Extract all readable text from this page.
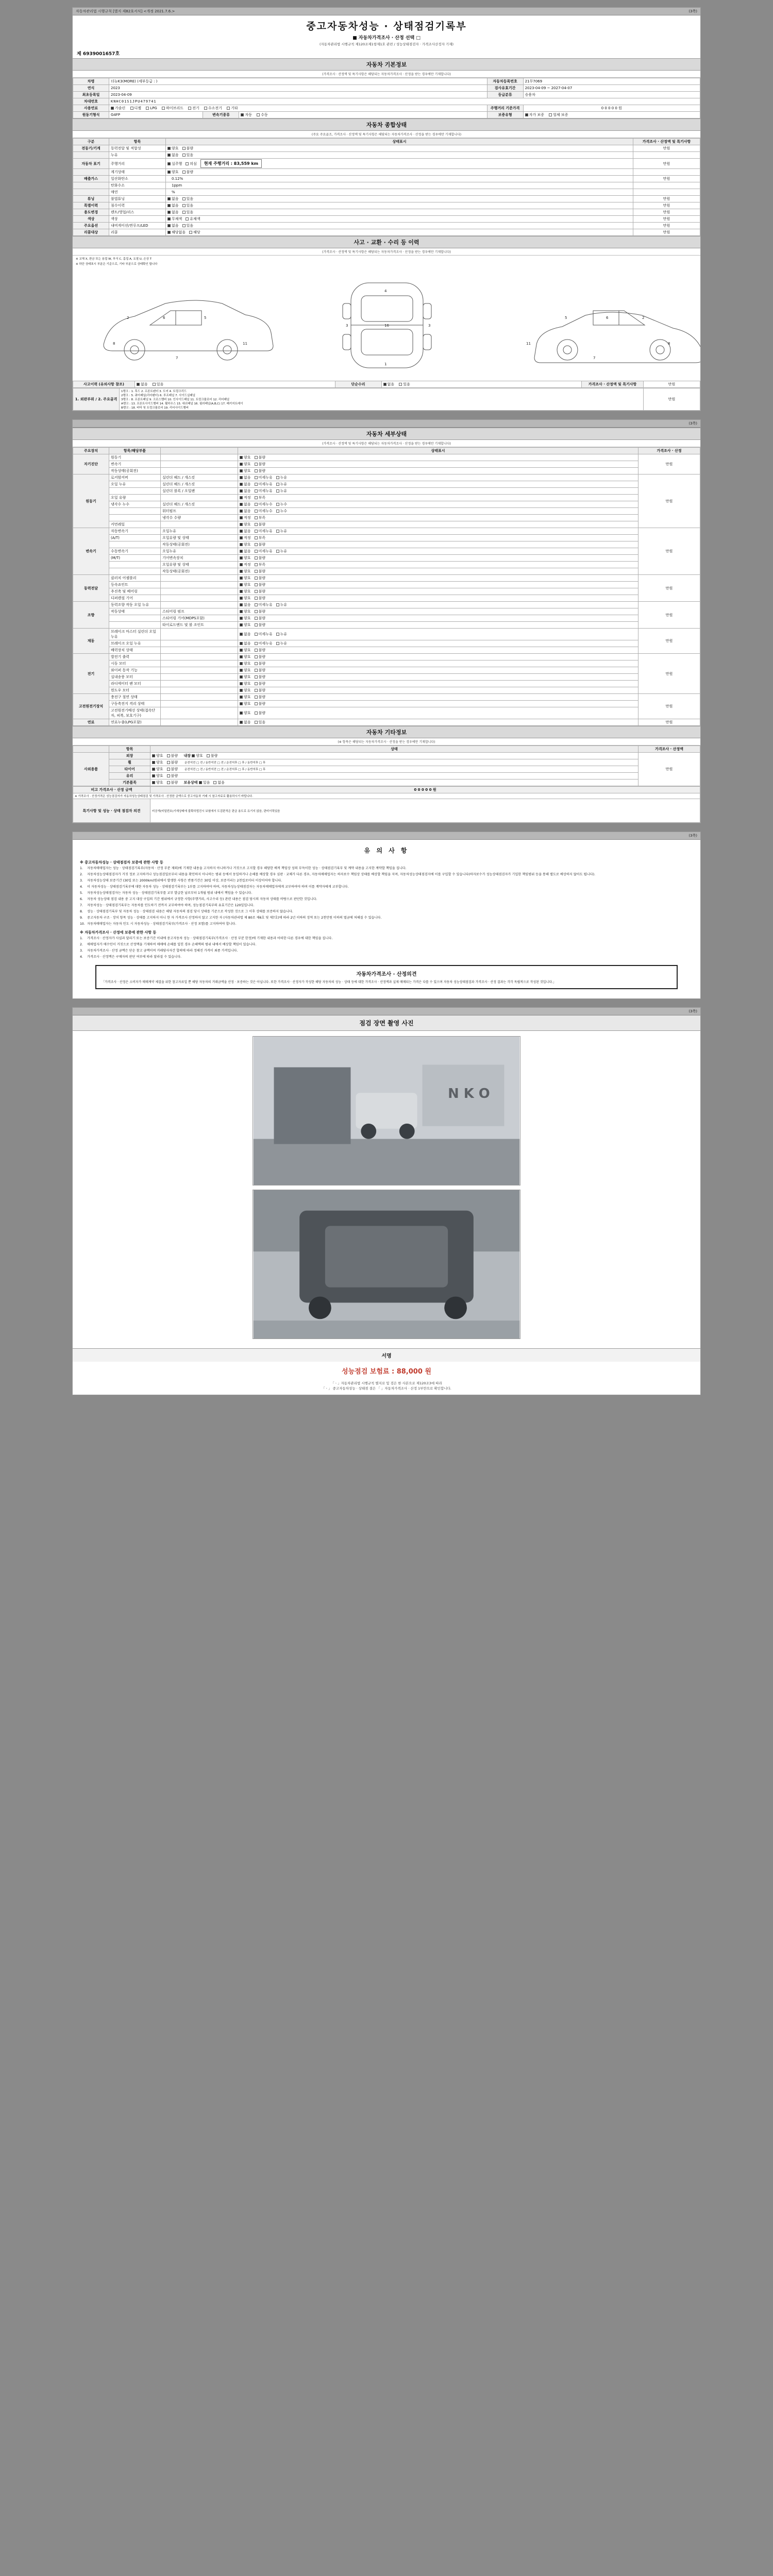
자동차관리법 시행규칙 [별지 제82호서식] <개정 2021.7.6.>	(3쪽)
중고자동차성능 · 상태점검기록부
■ 자동차가격조사 · 산정 선택 □
(자동차관리법 시행규칙 제120조제1항제1호 관련 / 성능상태점검자 · 가격조사산정자 기재)
제 6939001657호
자동차 기본정보
(가격조사 · 산정액 및 특기사항은 해당되는 자동차가격조사 · 산정을 받는 경우에만 기재합니다)
차명	더뉴K3(MORE) (세부등급 : )			자동차등록번호	21무7069
연식	2023			검사유효기간	2023-04-09 ~ 2027-04-07
최초등록일	2023-04-09			등급분류	승용차
차대번호	KNHC01S1JPU479741				
사용연료	가솔린 디젤 LPG 하이브리드 전기 수소전기 기타			주행거리 기준가격	0 0 0 0 0 원
원동기형식	G4FP	변속기종류	자동 수동	보증유형	자가 보증 업체 보증
자동차 종합상태
(주요 주요골조, 가격조사 · 산정액 및 특기사항은 해당되는 자동차가격조사 · 산정을 받는 경우에만 기재합니다)
구분	항목	상태표시	가격조사 · 산정액 및 특기사항
전동기/기계	동력전달 및 적합성	양호 불량	만원
	누유	없음 있음	
자동차 표기	주행거리	실주행 의심 현재 주행거리 : 83,559 km	만원
	계기상태	양호 불량	
배출가스	일산화탄소	0.12%	만원
	탄화수소	1ppm	
	매연	%	
튜닝	불법튜닝	없음 있음	만원
특별이력	침수이력	없음 있음	만원
용도변경	렌트/영업/리스	없음 있음	만원
색상	색상	무채색 유채색	만원
주요옵션	내비게이션/썬루프/LED	없음 있음	만원
리콜대상	리콜	해당없음 해당	만원
사고 · 교환 · 수리 등 이력
(가격조사 · 산정액 및 특기사항은 해당되는 자동차가격조사 · 산정을 받는 경우에만 기재합니다)
※ 교체 X, 판금 또는 용접 W, 부식 C, 흠집 A, 요철 U, 손상 T
※ 하단 상태표시 부분은 기준으로, 기타 부분으로 상태확인 합니다
2	6	5
8
7
11
4
1
16
3	3
2
6
5
8
7
11
사고이력 (유의사항 참조)	없음 있음	단순수리	없음 있음	가격조사 · 산정액 및 특기사항	만원
1. 외판부위 / 2. 주요골격	
1랭크 : 1. 후드 2. 프론트팬더 3. 도어 4. 트렁크리드
2랭크 : 5. 쿼터패널(리어팬더) 6. 루프패널 7. 사이드실패널
3랭크 : 8. 프론트패널 9. 크로스멤버 10. 인사이드패널 11. 트렁크플로어 12. 리어패널
A랭크 : 13. 프론트사이드멤버 14. 휠하우스 15. 대쉬패널 16. 필러패널(A,B,C) 17. 패키지트레이
B랭크 : 18. 바닥 및 트렁크플로어 19. 리어사이드멤버
	만원
(3쪽)
자동차 세부상태
(가격조사 · 산정액 및 특기사항은 해당되는 자동차가격조사 · 산정을 받는 경우에만 기재합니다)
주요장치	항목/해당부품		상태표시	가격조사 · 산정
자기진단	원동기		양호 불량	만원
	변속기		양호 불량	
	작동상태(공회전)		양호 불량	
원동기	로커암커버	실린더 헤드 / 개스킷	없음 미세누유 누유	만원
	오일 누유	실린더 헤드 / 개스킷	없음 미세누유 누유	
		실린더 블록 / 오일팬	없음 미세누유 누유	
	오일 유량		적정 부족	
	냉각수 누수	실린더 헤드 / 개스킷	없음 미세누수 누수	
		워터펌프	없음 미세누수 누수	
		냉각수 수량	적정 부족	
	커먼레일		양호 불량	
변속기	자동변속기	오일누유	없음 미세누유 누유	만원
	(A/T)	오일유량 및 상태	적정 부족	
		작동상태(공회전)	양호 불량	
	수동변속기	오일누유	없음 미세누유 누유	
	(M/T)	기어변속장치	양호 불량	
		오일유량 및 상태	적정 부족	
		작동상태(공회전)	양호 불량	
동력전달	클러치 어셈블리		양호 불량	만원
	등속죠인트		양호 불량	
	추진축 및 베어링		양호 불량	
	디퍼렌셜 기어		양호 불량	
조향	동력조향 작동 오일 누유		없음 미세누유 누유	만원
	작동상태	스티어링 펌프	양호 불량	
		스티어링 기어(MDPS포함)	양호 불량	
		타이로드엔드 및 볼 조인트	양호 불량	
제동	브레이크 마스터 실린더 오일 누유		없음 미세누유 누유	만원
	브레이크 오일 누유		없음 미세누유 누유	
	배력장치 상태		양호 불량	
전기	발전기 출력		양호 불량	만원
	시동 모터		양호 불량	
	와이퍼 동작 기능		양호 불량	
	실내송풍 모터		양호 불량	
	라디에이터 팬 모터		양호 불량	
	윈도우 모터		양호 불량	
고전원전기장치	충전구 절연 상태		양호 불량	만원
	구동축전지 격리 상태		양호 불량	
	고전원전기배선 상태(접속단자, 피복, 보호기구)		양호 불량	
연료	연료누출(LPG포함)		없음 있음	만원
자동차 기타정보
(※ 항목은 해당되는 자동차가격조사 · 산정을 받는 경우에만 기재합니다)
	항목	상태	가격조사 · 산정액
사외용품	외장	양호 불량 내장 양호 불량	만원
	휠	양호 불량 운전석전 □ 전 / 동반석전 □ 전 / 운전석후 □ 후 / 동반석후 □ 후	
	타이어	양호 불량 운전석전 □ 전 / 동반석전 □ 전 / 운전석후 □ 후 / 동반석후 □ 후	
	유리	양호 불량	
	기본품목	양호 불량 보유상태 있음 없음	
비고 가격조사 · 산정 금액	0 0 0 0 0 원
※ 가격조사 · 산정가격은 성능점검자가 자동차성능상태점검 및 가격조사 · 산정한 금액으로 중고자동차 거래 시 참고자료로 활용하시기 바랍니다.	
특기사항 및 성능 · 상태 점검자 의견	비공개(비밀번호)기재상태에 불확히법진시 보험에서 도검판적은 판금 용도로 유기지 않음, 판비이력있음
(3쪽)
유 의 사 항
※ 중고자동차성능 · 상태점검자 보증에 관한 사항 등
1.	자동차매매업자는 성능 · 상태점검기록부(자동차 · 산정 부분 제외)에 기재한 내용을 고지하지 아니하거나 거짓으로 고지할 경우 해당한 배적 책임상 성의 부득이한 성능 · 상태점검기록부 및 계약 내용을 고지한 계약할 책임을 집니다.
2.	자동차성능상태점검자가 거짓 정보 고지하거나 성능점검일로부터 내용을 확인하지 아니하는 범위 등에서 동일하거나 손해를 배상할 경우 심판 · 교체가 다른 경우, 자동차매매업자는 하자보수 책임상 상태를 배상할 책임을 지며, 자동차성능상태점검자에 이를 구입할 수 있습니다(하자보수가 성능상태점검자가 기입한 책임범위 등을 통해 별도로 배상하지 않아도 됩니다).
3.	자동차성능상태 보증기간 (30일 또는 2000km)범위에서 발생한 사항은 반품기간은 30일 이상, 보증거리는 2천킬로미터 이상이어야 합니다.
4.	이 자동차성능 · 상태점검기록부에 대한 자동차 성능 · 상태점검기록부는 1부를 고지하며야 하며, 자동차성능상태점검자는 자동차매매업자에게 교부하여야 하며 이를 계약자에게 교부합니다.
5.	자동차성능상태점검자는 자동차 성능 · 상태점검기록부를 교부 발급한 날로부터 1개월 범위 내에서 책임을 수 있습니다.
6.	자동차 성능상태 점검 내용 중 고지 대상 구입의 기간 범위에서 규정한 사항(주행거리, 사고수리 등) 관련 내용은 점검 당시의 자동차 상태를 바탕으로 판단한 것입니다.
7.	자동차성능 · 상태점검기록부는 자동차를 인도하기 전까지 교부하여야 하며, 성능점검기록부의 유효기간은 120일입니다.
8.	성능 · 상태점검기록부 및 자동차 성능 · 상태점검 내용은 해당 자동차의 점검 당시 상태를 기준으로 작성한 것으로 그 이후 상태를 보증하지 않습니다.
9.	중고자동차 구조 · 장치 항목 성능 · 상태를 고지하지 아니 한 자 가격조사 산정하지 않고 고지한 자 (자동차관리법 제 80조 제6호 및 제7호)에 따라 2년 이하의 징역 또는 2천만원 이하의 벌금에 처해질 수 있습니다.
10. 자동차매매업자는 자동차 인도 시 자동차성능 · 상태점검기록부(가격조사 · 산정 포함)를 고지하여야 합니다.
※ 자동차가격조사 · 산정에 보증에 관한 사항 등
1.	가격조사 · 산정자가 사실과 달리기 또는 보증기간 이내에 중고자동차 성능 · 상태점검기록부(가격조사 · 산정 부분 한정)에 기재한 내용과 어떠한 다른 경우에 대한 책임을 집니다.
2.	매매업자가 매수인이 거짓으로 산정액을 기재하여 매매에 손해를 입힌 경우 손해액의 범위 내에서 배상할 책임이 있습니다.
3.	자동차가격조사 · 산정 금액은 단순 참고 금액이며 거래당사자간 합의에 따라 정해진 가격이 최종 가격입니다.
4.	가격조사 · 산정액은 구매자의 판단 여부에 따라 달라질 수 있습니다.
자동차가격조사 · 산정의견
「가격조사 · 산정은 소비자가 매매계약 체결을 위한 참고자료일 뿐 해당 자동차의 거래금액을 산정 · 보증하는 것은 아닙니다. 또한 가격조사 · 산정자가 작성한 해당 자동차의 성능 · 상태 등에 대한 가격조사 · 산정액과 실제 매매되는 가격은 다를 수 있으며 자동차 성능상태점검과 가격조사 · 산정 결과는 각각 독립적으로 작성된 것입니다.」
(3쪽)
점검 장면 촬영 사진
N K O
서명
성능점검 보험료 : 88,000 원
「ㆍ」자동차관리법 시행규칙 별지로 및 검은 한 사본으로 제120조3에 따라
「ㆍ」 중고자동차성능 · 상태점 결은 「 」자동차가격조사 · 산정 1부만으로 확인합니다.
